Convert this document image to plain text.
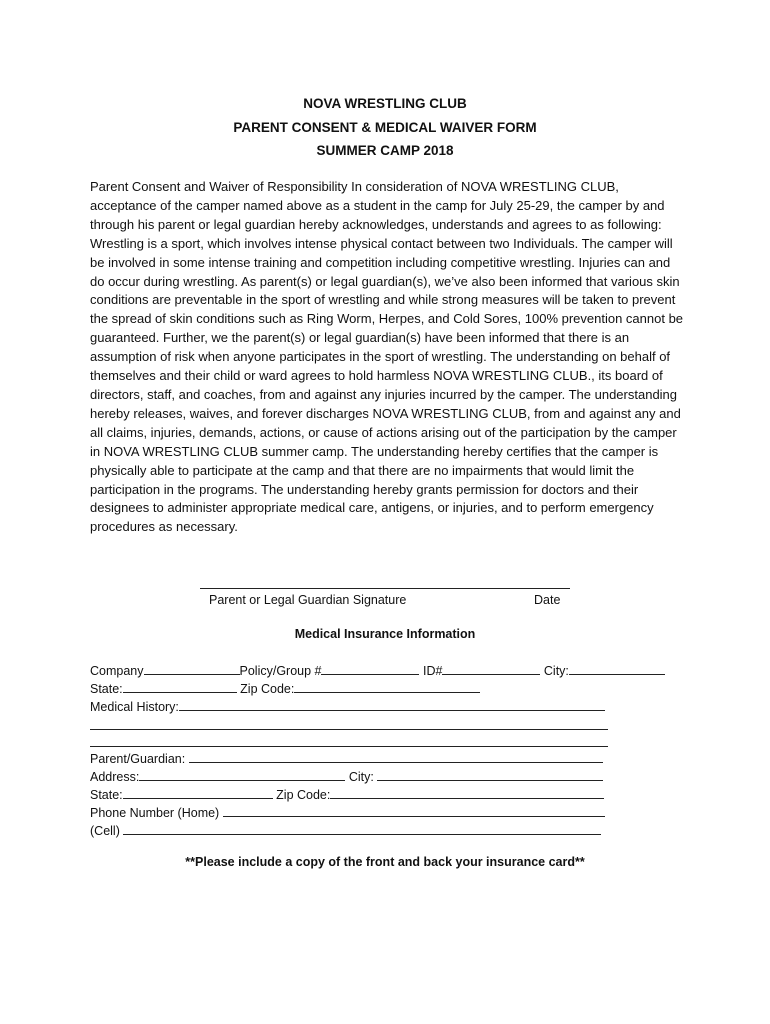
NOVA WRESTLING CLUB
PARENT CONSENT & MEDICAL WAIVER FORM
SUMMER CAMP 2018

Parent Consent and Waiver of Responsibility In consideration of NOVA WRESTLING CLUB, acceptance of the camper named above as a student in the camp for July 25-29, the camper by and through his parent or legal guardian hereby acknowledges, understands and agrees to as following: Wrestling is a sport, which involves intense physical contact between two Individuals. The camper will be involved in some intense training and competition including competitive wrestling. Injuries can and do occur during wrestling. As parent(s) or legal guardian(s), we’ve also been informed that various skin conditions are preventable in the sport of wrestling and while strong measures will be taken to prevent the spread of skin conditions such as Ring Worm, Herpes, and Cold Sores, 100% prevention cannot be guaranteed. Further, we the parent(s) or legal guardian(s) have been informed that there is an assumption of risk when anyone participates in the sport of wrestling. The understanding on behalf of themselves and their child or ward agrees to hold harmless NOVA WRESTLING CLUB., its board of directors, staff, and coaches, from and against any injuries incurred by the camper. The understanding hereby releases, waives, and forever discharges NOVA WRESTLING CLUB, from and against any and all claims, injuries, demands, actions, or cause of actions arising out of the participation by the camper in NOVA WRESTLING CLUB summer camp. The understanding hereby certifies that the camper is physically able to participate at the camp and that there are no impairments that would limit the participation in the programs. The understanding hereby grants permission for doctors and their designees to administer appropriate medical care, antigens, or injuries, and to perform emergency procedures as necessary.

Parent or Legal Guardian Signature	Date
Medical Insurance Information
Company	Policy/Group #	ID#	City:
State:	Zip Code:
Medical History:
Parent/Guardian:
Address:	City:
State:	Zip Code:
Phone Number (Home)
(Cell)
**Please include a copy of the front and back your insurance card**
